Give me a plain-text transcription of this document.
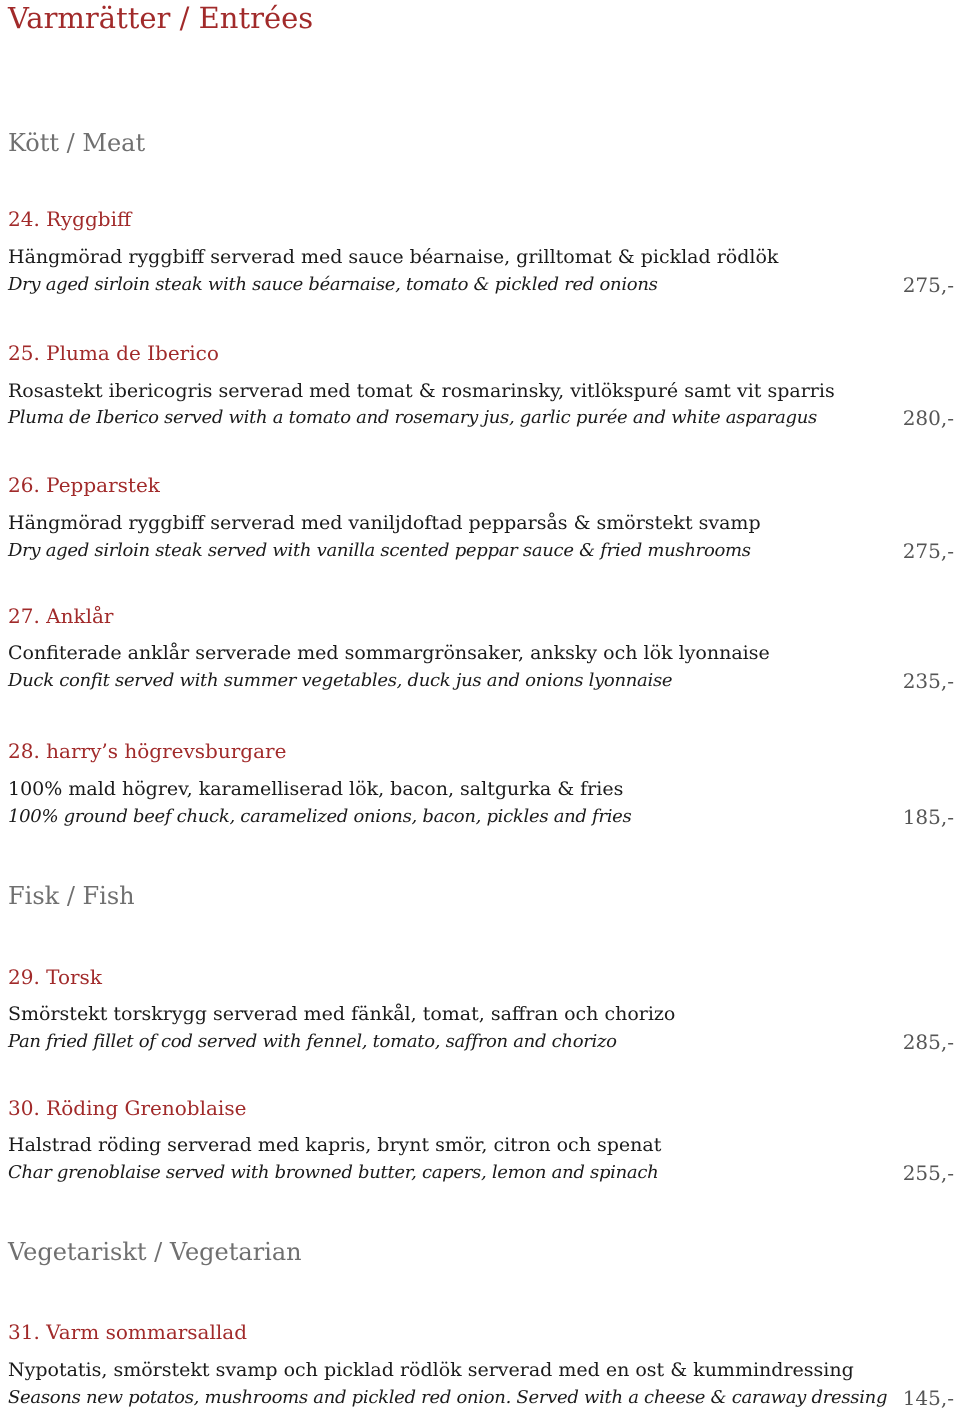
Varmrätter / Entrées
Kött / Meat
24. Ryggbiff
Hängmörad ryggbiff serverad med sauce béarnaise, grilltomat & picklad rödlök
Dry aged sirloin steak with sauce béarnaise, tomato & pickled red onions	275,-
25. Pluma de Iberico
Rosastekt ibericogris serverad med tomat & rosmarinsky, vitlökspuré samt vit sparris
Pluma de Iberico served with a tomato and rosemary jus, garlic purée and white asparagus	280,-
26. Pepparstek
Hängmörad ryggbiff serverad med vaniljdoftad pepparsås & smörstekt svamp
Dry aged sirloin steak served with vanilla scented peppar sauce & fried mushrooms	275,-
27. Anklår
Confiterade anklår serverade med sommargrönsaker, anksky och lök lyonnaise
Duck confit served with summer vegetables, duck jus and onions lyonnaise	235,-
28. harry’s högrevsburgare
100% mald högrev, karamelliserad lök, bacon, saltgurka & fries
100% ground beef chuck, caramelized onions, bacon, pickles and fries	185,-
Fisk / Fish
29. Torsk
Smörstekt torskrygg serverad med fänkål, tomat, saffran och chorizo
Pan fried fillet of cod served with fennel, tomato, saffron and chorizo	285,-
30. Röding Grenoblaise
Halstrad röding serverad med kapris, brynt smör, citron och spenat
Char grenoblaise served with browned butter, capers, lemon and spinach	255,-
Vegetariskt / Vegetarian
31. Varm sommarsallad
Nypotatis, smörstekt svamp och picklad rödlök serverad med en ost & kummindressing
Seasons new potatos, mushrooms and pickled red onion. Served with a cheese & caraway dressing 145,-
